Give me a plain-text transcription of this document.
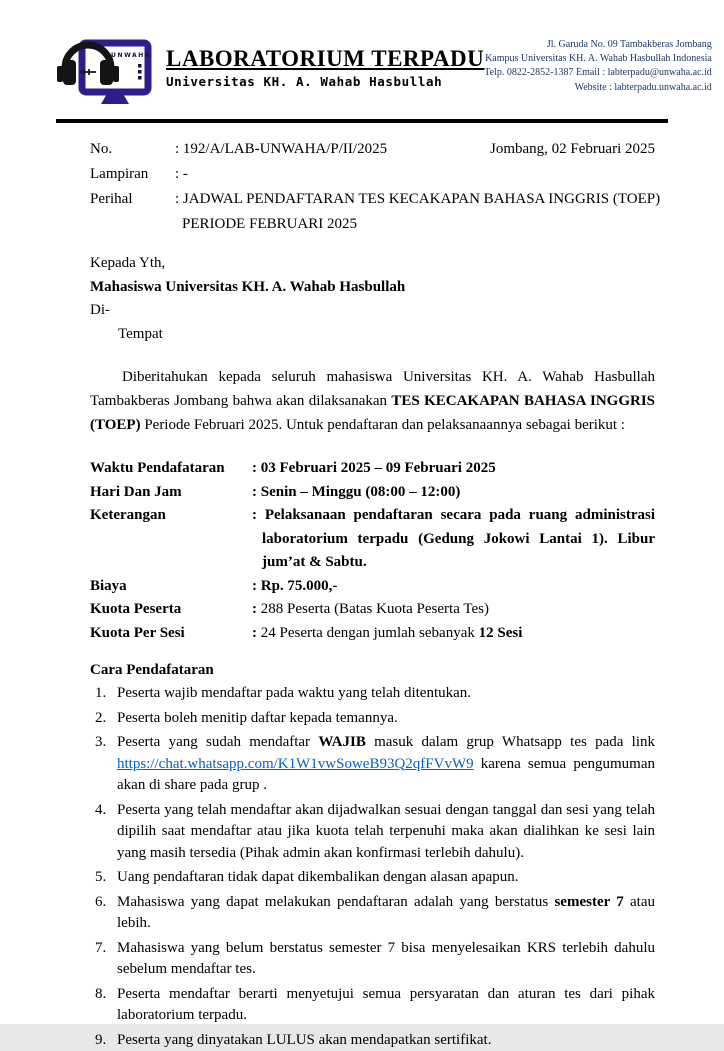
UNWAHA LABORATORIUM TERPADU
Universitas KH. A. Wahab Hasbullah
Jl. Garuda No. 09 Tambakberas Jombang
Kampus Universitas KH. A. Wahab Hasbullah Indonesia
Telp. 0822-2852-1387 Email : labterpadu@unwaha.ac.id
Website : labterpadu.unwaha.ac.id
No.	: 192/A/LAB-UNWAHA/P/II/2025	Jombang, 02 Februari 2025
Lampiran	: -
Perihal	: JADWAL PENDAFTARAN TES KECAKAPAN BAHASA INGGRIS (TOEP)
PERIODE FEBRUARI 2025
Kepada Yth,
Mahasiswa Universitas KH. A. Wahab Hasbullah
Di-
Tempat

Diberitahukan kepada seluruh mahasiswa Universitas KH. A. Wahab Hasbullah Tambakberas Jombang bahwa akan dilaksanakan TES KECAKAPAN BAHASA INGGRIS (TOEP) Periode Februari 2025. Untuk pendaftaran dan pelaksanaannya sebagai berikut :

Waktu Pendafataran	: 03 Februari 2025 – 09 Februari 2025
Hari Dan Jam	: Senin – Minggu (08:00 – 12:00)
Keterangan	: Pelaksanaan pendaftaran secara pada ruang administrasi laboratorium terpadu (Gedung Jokowi Lantai 1). Libur jum’at & Sabtu.
Biaya	: Rp. 75.000,-
Kuota Peserta	: 288 Peserta (Batas Kuota Peserta Tes)
Kuota Per Sesi	: 24 Peserta dengan jumlah sebanyak 12 Sesi
Cara Pendafataran
Peserta wajib mendaftar pada waktu yang telah ditentukan.
Peserta boleh menitip daftar kepada temannya.
Peserta yang sudah mendaftar WAJIB masuk dalam grup Whatsapp tes pada link https://chat.whatsapp.com/K1W1vwSoweB93Q2qfFVvW9 karena semua pengumuman akan di share pada grup .
Peserta yang telah mendaftar akan dijadwalkan sesuai dengan tanggal dan sesi yang telah dipilih saat mendaftar atau jika kuota telah terpenuhi maka akan dialihkan ke sesi lain yang masih tersedia (Pihak admin akan konfirmasi terlebih dahulu).
Uang pendaftaran tidak dapat dikembalikan dengan alasan apapun.
Mahasiswa yang dapat melakukan pendaftaran adalah yang berstatus semester 7 atau lebih.
Mahasiswa yang belum berstatus semester 7 bisa menyelesaikan KRS terlebih dahulu sebelum mendaftar tes.
Peserta mendaftar berarti menyetujui semua persyaratan dan aturan tes dari pihak laboratorium terpadu.
Peserta yang dinyatakan LULUS akan mendapatkan sertifikat.
